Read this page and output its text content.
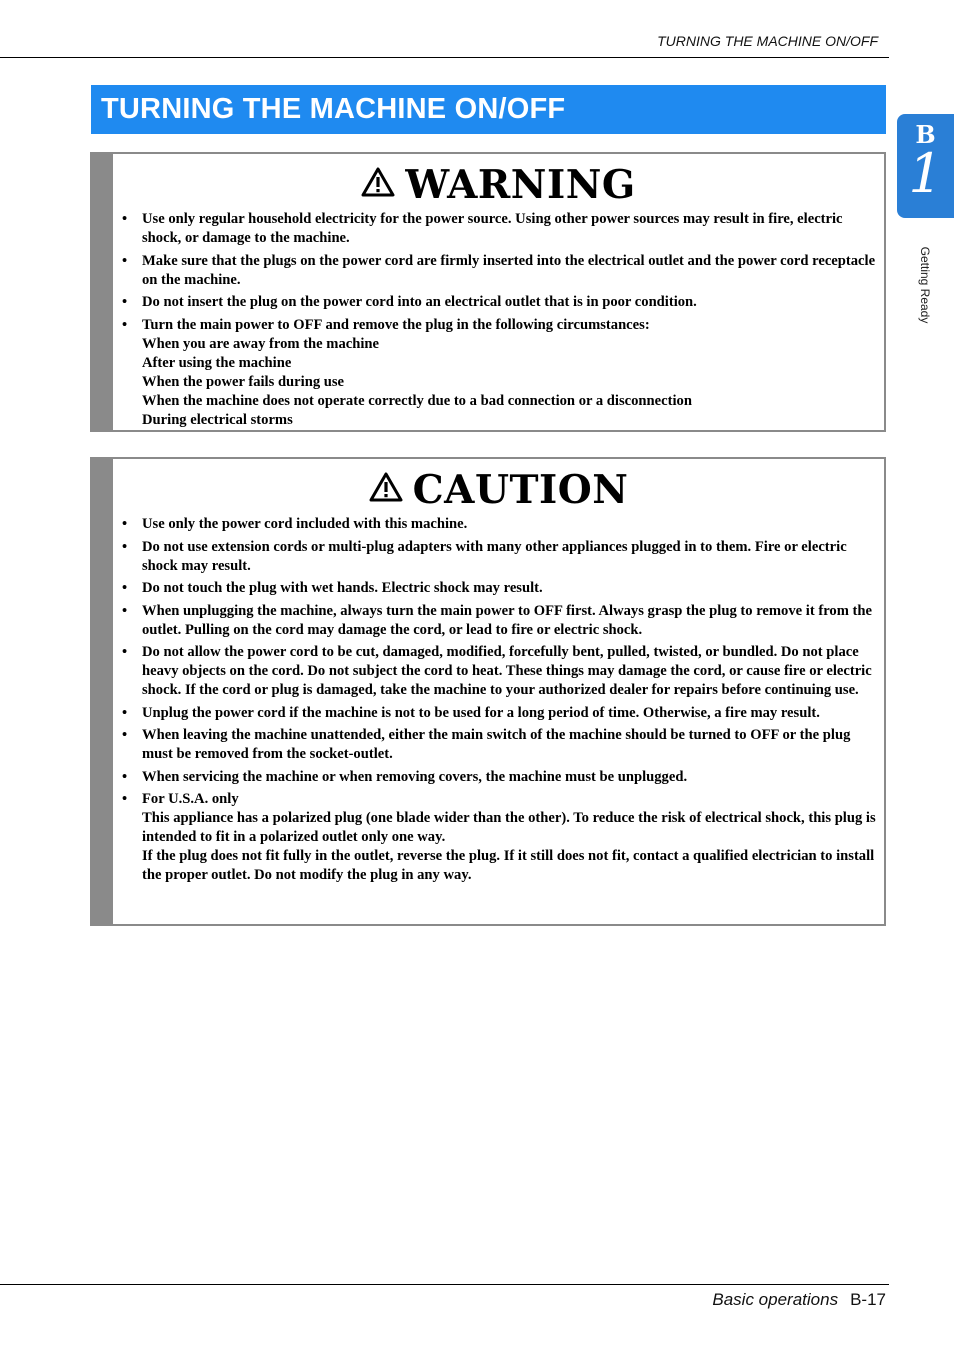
TURNING THE MACHINE ON/OFF
TURNING THE MACHINE ON/OFF
B
1
Getting Ready
WARNING
• Use only regular household electricity for the power source. Using other power sources may result in fire, electric shock, or damage to the machine.
• Make sure that the plugs on the power cord are firmly inserted into the electrical outlet and the power cord receptacle on the machine.
• Do not insert the plug on the power cord into an electrical outlet that is in poor condition.
• Turn the main power to OFF and remove the plug in the following circumstances:
When you are away from the machine
After using the machine
When the power fails during use
When the machine does not operate correctly due to a bad connection or a disconnection
During electrical storms
CAUTION
• Use only the power cord included with this machine.
• Do not use extension cords or multi-plug adapters with many other appliances plugged in to them. Fire or electric shock may result.
• Do not touch the plug with wet hands. Electric shock may result.
• When unplugging the machine, always turn the main power to OFF first. Always grasp the plug to remove it from the outlet. Pulling on the cord may damage the cord, or lead to fire or electric shock.
• Do not allow the power cord to be cut, damaged, modified, forcefully bent, pulled, twisted, or bundled. Do not place heavy objects on the cord. Do not subject the cord to heat. These things may damage the cord, or cause fire or electric shock. If the cord or plug is damaged, take the machine to your authorized dealer for repairs before continuing use.
• Unplug the power cord if the machine is not to be used for a long period of time. Otherwise, a fire may result.
• When leaving the machine unattended, either the main switch of the machine should be turned to OFF or the plug must be removed from the socket-outlet.
• When servicing the machine or when removing covers, the machine must be unplugged.
• For U.S.A. only
This appliance has a polarized plug (one blade wider than the other). To reduce the risk of electrical shock, this plug is intended to fit in a polarized outlet only one way.
If the plug does not fit fully in the outlet, reverse the plug. If it still does not fit, contact a qualified electrician to install the proper outlet. Do not modify the plug in any way.
Basic operations B-17
